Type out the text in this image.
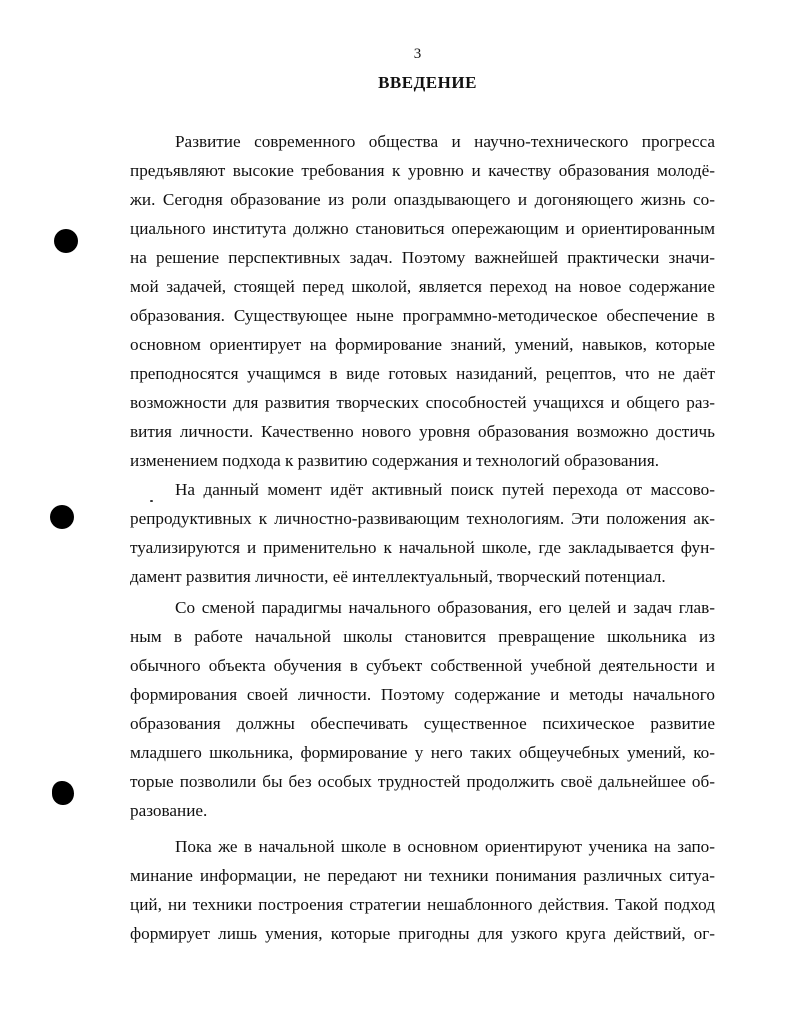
3
ВВЕДЕНИЕ
Развитие современного общества и научно-технического прогресса
предъявляют высокие требования к уровню и качеству образования молодё-
жи. Сегодня образование из роли опаздывающего и догоняющего жизнь со-
циального института должно становиться опережающим и ориентированным
на решение перспективных задач. Поэтому важнейшей практически значи-
мой задачей, стоящей перед школой, является переход на новое содержание
образования. Существующее ныне программно-методическое обеспечение в
основном ориентирует на формирование знаний, умений, навыков, которые
преподносятся учащимся в виде готовых назиданий, рецептов, что не даёт
возможности для развития творческих способностей учащихся и общего раз-
вития личности. Качественно нового уровня образования возможно достичь
изменением подхода к развитию содержания и технологий образования.
На данный момент идёт активный поиск путей перехода от массово-
репродуктивных к личностно-развивающим технологиям. Эти положения ак-
туализируются и применительно к начальной школе, где закладывается фун-
дамент развития личности, её интеллектуальный, творческий потенциал.
Со сменой парадигмы начального образования, его целей и задач глав-
ным в работе начальной школы становится превращение школьника из
обычного объекта обучения в субъект собственной учебной деятельности и
формирования своей личности. Поэтому содержание и методы начального
образования должны обеспечивать существенное психическое развитие
младшего школьника, формирование у него таких общеучебных умений, ко-
торые позволили бы без особых трудностей продолжить своё дальнейшее об-
разование.
Пока же в начальной школе в основном ориентируют ученика на запо-
минание информации, не передают ни техники понимания различных ситуа-
ций, ни техники построения стратегии нешаблонного действия. Такой подход
формирует лишь умения, которые пригодны для узкого круга действий, ог-
